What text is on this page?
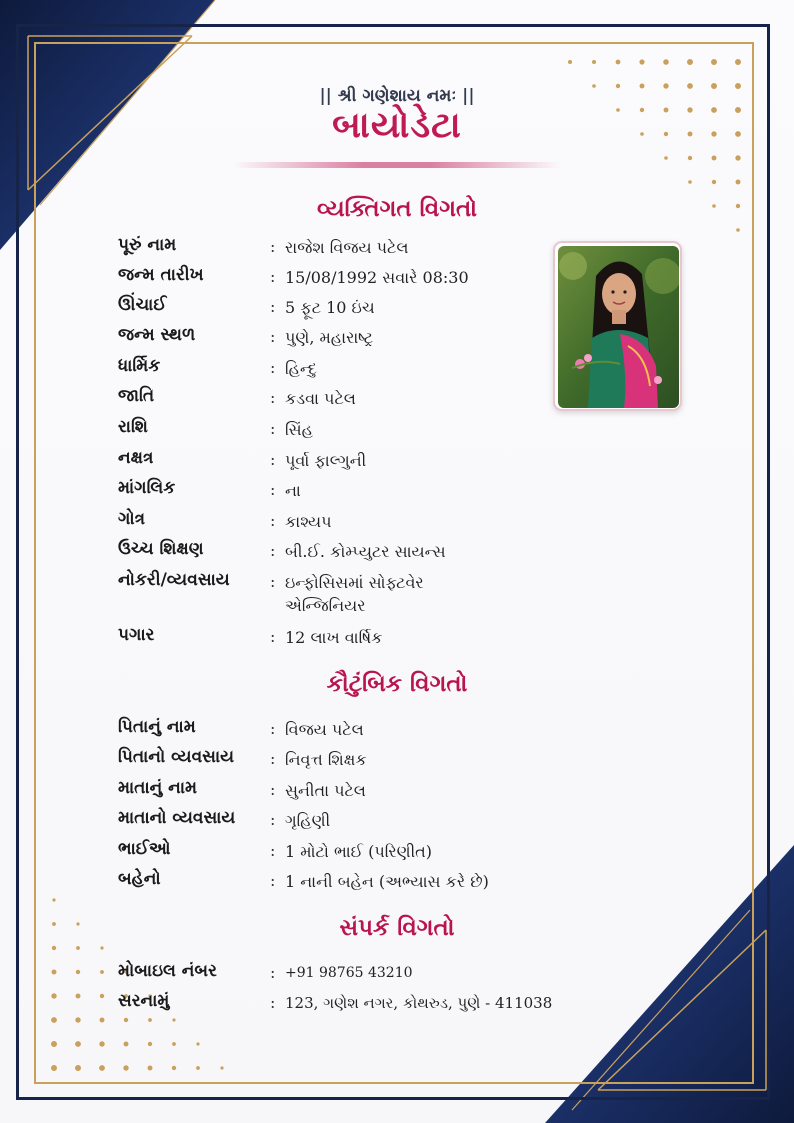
|| શ્રી ગણેશાય નમઃ ||
બાયોડેટા
વ્યક્તિગત વિગતો
પૂરું નામ	: રાજેશ વિજય પટેલ
જન્મ તારીખ	: 15/08/1992 સવારે 08:30
ઊંચાઈ	: 5 ફૂટ 10 ઇંચ
જન્મ સ્થળ	: પુણે, મહારાષ્ટ્ર
ધાર્મિક	: હિન્દુ
જાતિ	: કડવા પટેલ
રાશિ	: સિંહ
નક્ષત્ર	: પૂર્વા ફાલ્ગુની
માંગલિક	: ના
ગોત્ર	: કાશ્યપ
ઉચ્ચ શિક્ષણ	: બી.ઈ. કોમ્પ્યુટર સાયન્સ
નોકરી/વ્યવસાય	: ઇન્ફોસિસમાં સોફ્ટવેર એન્જિનિયર
પગાર	: 12 લાખ વાર્ષિક
કૌટુંબિક વિગતો
પિતાનું નામ	: વિજય પટેલ
પિતાનો વ્યવસાય	: નિવૃત્ત શિક્ષક
માતાનું નામ	: સુનીતા પટેલ
માતાનો વ્યવસાય	: ગૃહિણી
ભાઈઓ	: 1 મોટો ભાઈ (પરિણીત)
બહેનો	: 1 નાની બહેન (અભ્યાસ કરે છે)
સંપર્ક વિગતો
મોબાઇલ નંબર	: +91 98765 43210
સરનામું	: 123, ગણેશ નગર, કોથરુડ, પુણે - 411038
